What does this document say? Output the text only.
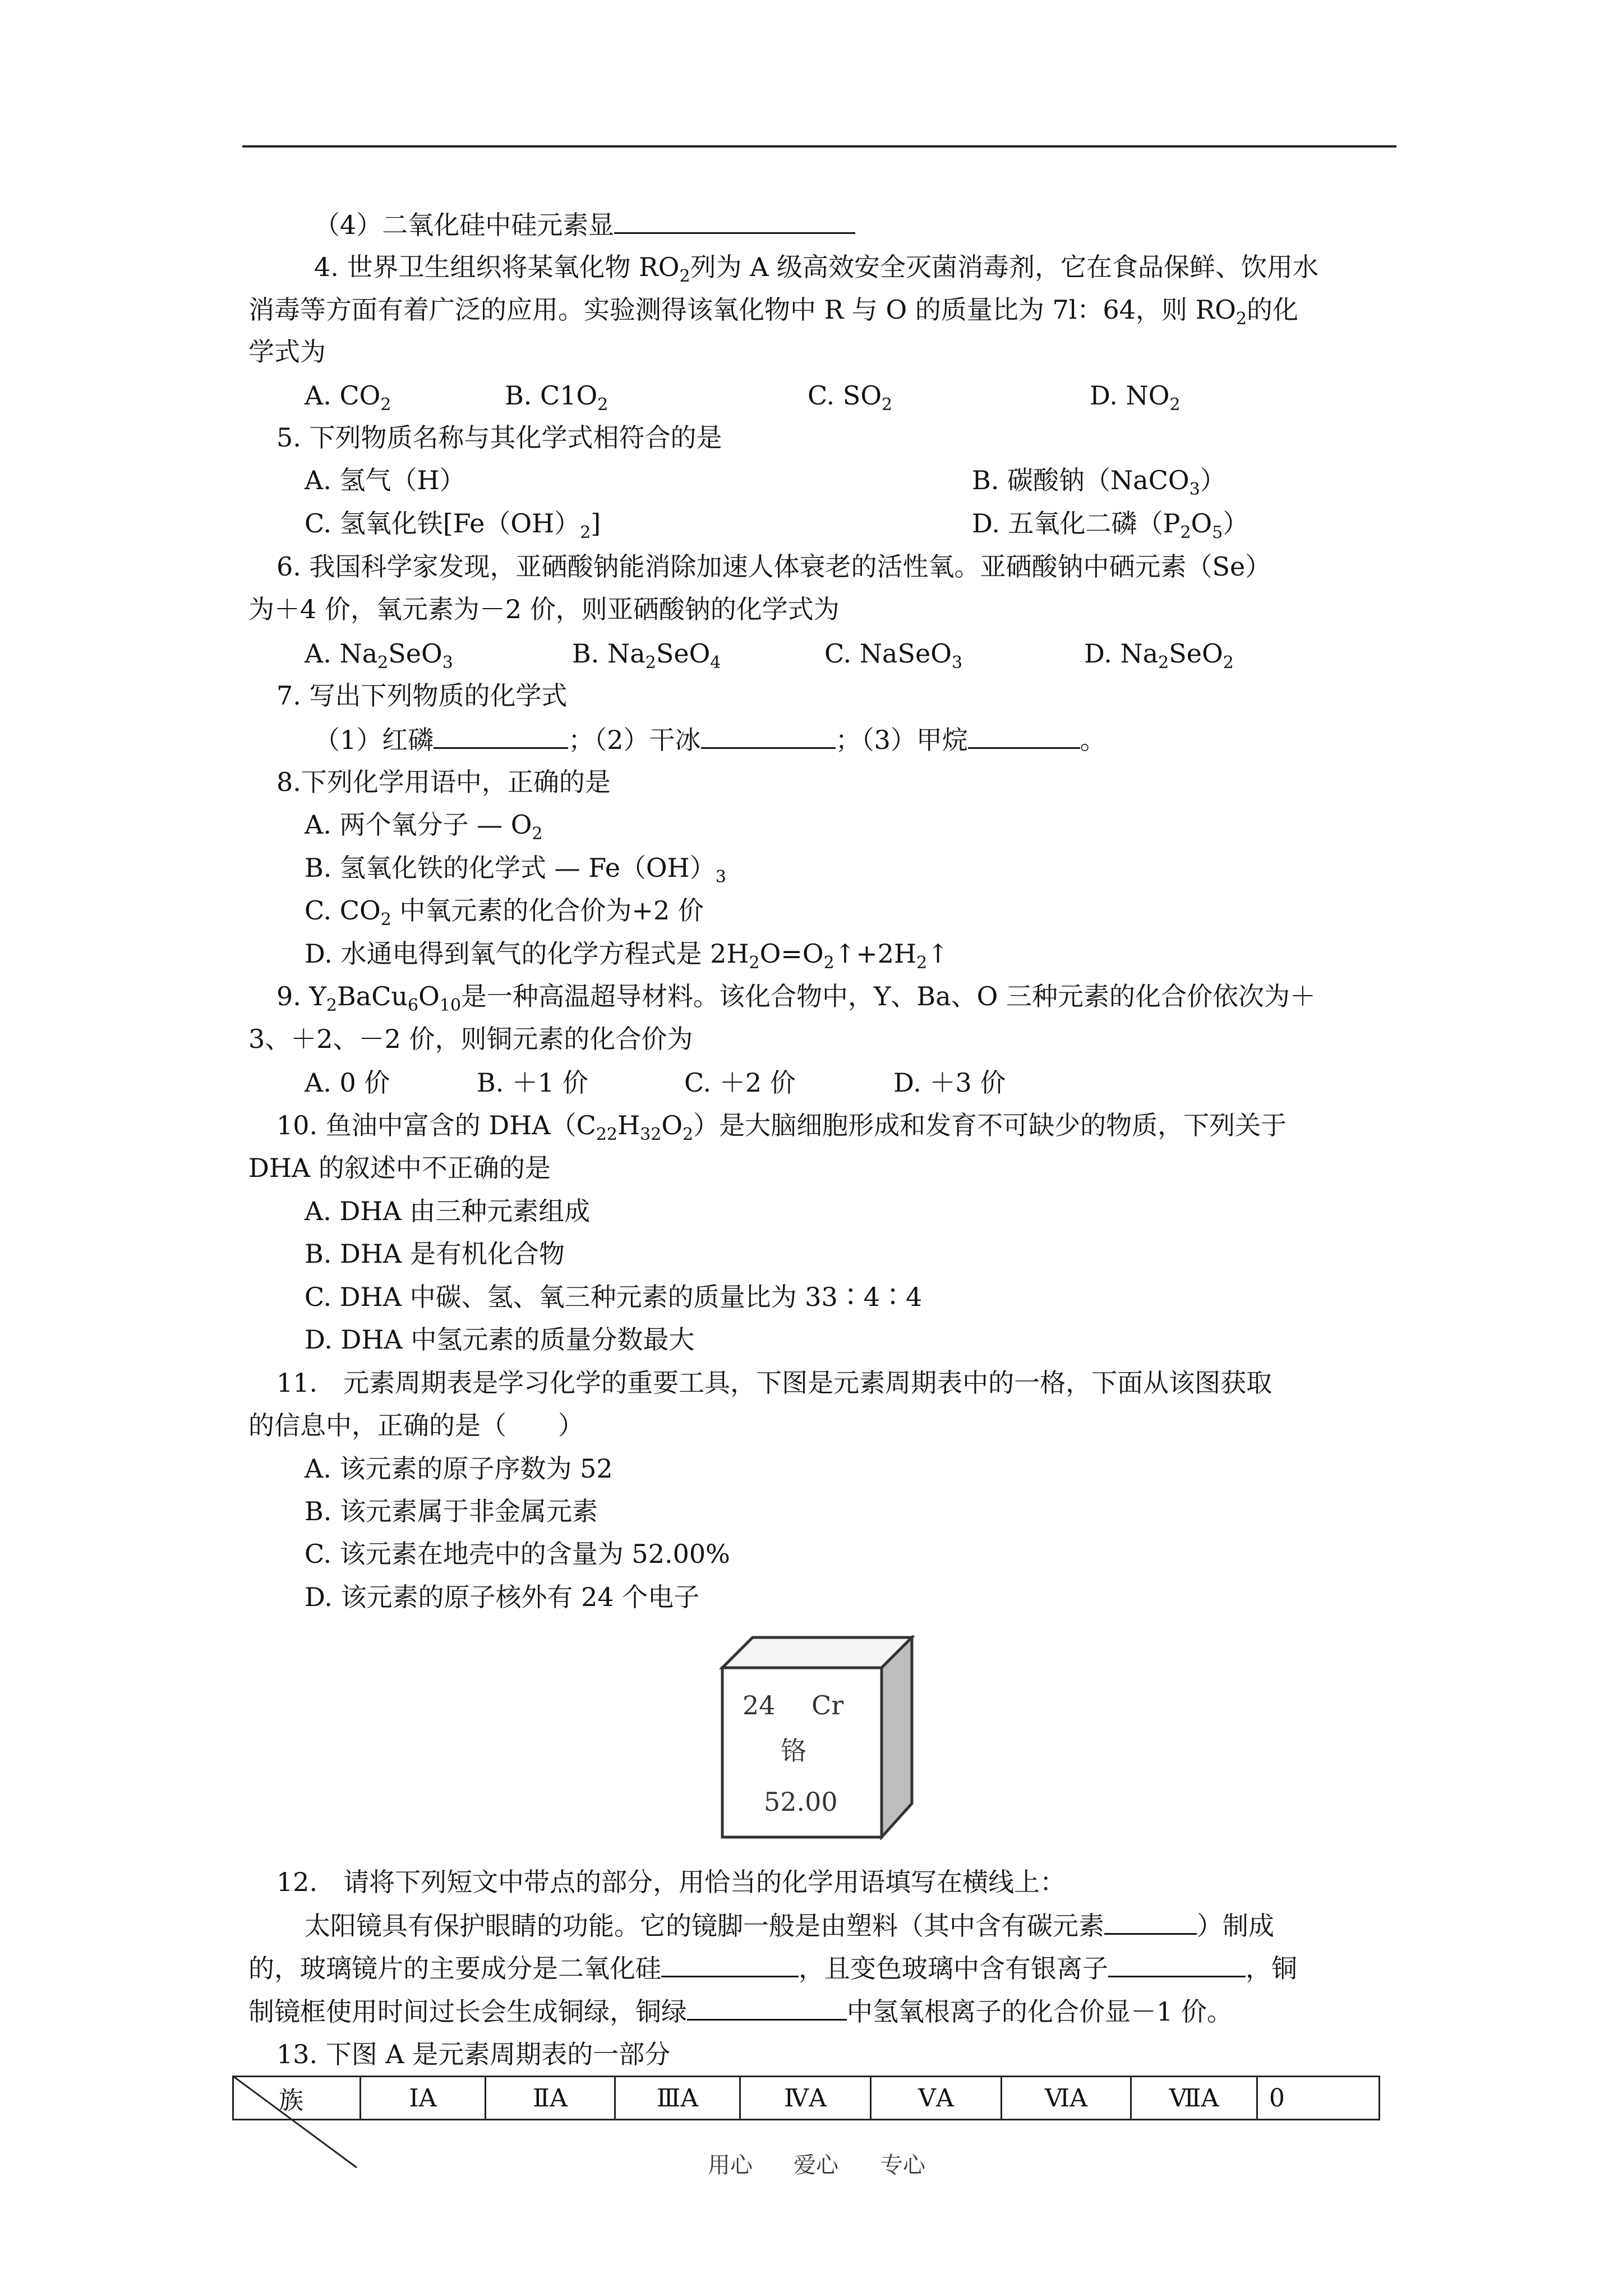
（4）二氧化硅中硅元素显
4. 世界卫生组织将某氧化物 $RO_2$列为 A 级高效安全灭菌消毒剂，它在食品保鲜、饮用水
消毒等方面有着广泛的应用。实验测得该氧化物中 R 与 O 的质量比为 7l：64，则 $RO_2$的化
学式为
A. $CO_2$	B. $C1O_2$	C. $SO_2$	D. $NO_2$
5. 下列物质名称与其化学式相符合的是
A. 氢气（H）	B. 碳酸钠（NaCO$_3$）
C. 氢氧化铁$[Fe(OH)_2]$	D. 五氧化二磷$(P_2O_5)$
6. 我国科学家发现，亚硒酸钠能消除加速人体衰老的活性氧。亚硒酸钠中硒元素（Se）
为＋4 价，氧元素为－2 价，则亚硒酸钠的化学式为
A. $Na_2SeO_3$	B. $Na_2SeO_4$	C. NaSeO$_3$	D. $Na_2SeO_2$
7. 写出下列物质的化学式
（1）红磷	；（2）干冰	；（3）甲烷	。
8.下列化学用语中，正确的是
A. 两个氧分子 — $O_2$
B. 氢氧化铁的化学式 — $Fe(OH)_3$
C. $CO_2$ 中氧元素的化合价为+2 价
D. 水通电得到氧气的化学方程式是 $2H_2O=O_2↑+2H_2↑$
9. $Y_2BaCu_6O_{10}$是一种高温超导材料。该化合物中，Y、Ba、O 三种元素的化合价依次为＋
3、＋2、－2 价，则铜元素的化合价为
A. 0 价	B. ＋1 价	C. ＋2 价	D. ＋3 价
10. 鱼油中富含的 $DHA(C_{22}H_{32}O_2)$是大脑细胞形成和发育不可缺少的物质，下列关于
DHA 的叙述中不正确的是
A. DHA 由三种元素组成
B. DHA 是有机化合物
C. DHA 中碳、氢、氧三种元素的质量比为 33∶4∶4
D. DHA 中氢元素的质量分数最大
11.　元素周期表是学习化学的重要工具，下图是元素周期表中的一格，下面从该图获取
的信息中，正确的是（　　）
A. 该元素的原子序数为 52
B. 该元素属于非金属元素
C. 该元素在地壳中的含量为 52.00%
D. 该元素的原子核外有 24 个电子
24 Cr
铬
52.00
12.　请将下列短文中带点的部分，用恰当的化学用语填写在横线上：
太阳镜具有保护眼睛的功能。它的镜脚一般是由塑料（其中含有碳元素	）制成
的，玻璃镜片的主要成分是二氧化硅	，且变色玻璃中含有银离子	，铜
制镜框使用时间过长会生成铜绿，铜绿	中氢氧根离子的化合价显－1 价。
13. 下图 A 是元素周期表的一部分
族	ⅠA	ⅡA	ⅢA	ⅣA	ⅤA	ⅥA	ⅦA	0
用心 爱心 专心
